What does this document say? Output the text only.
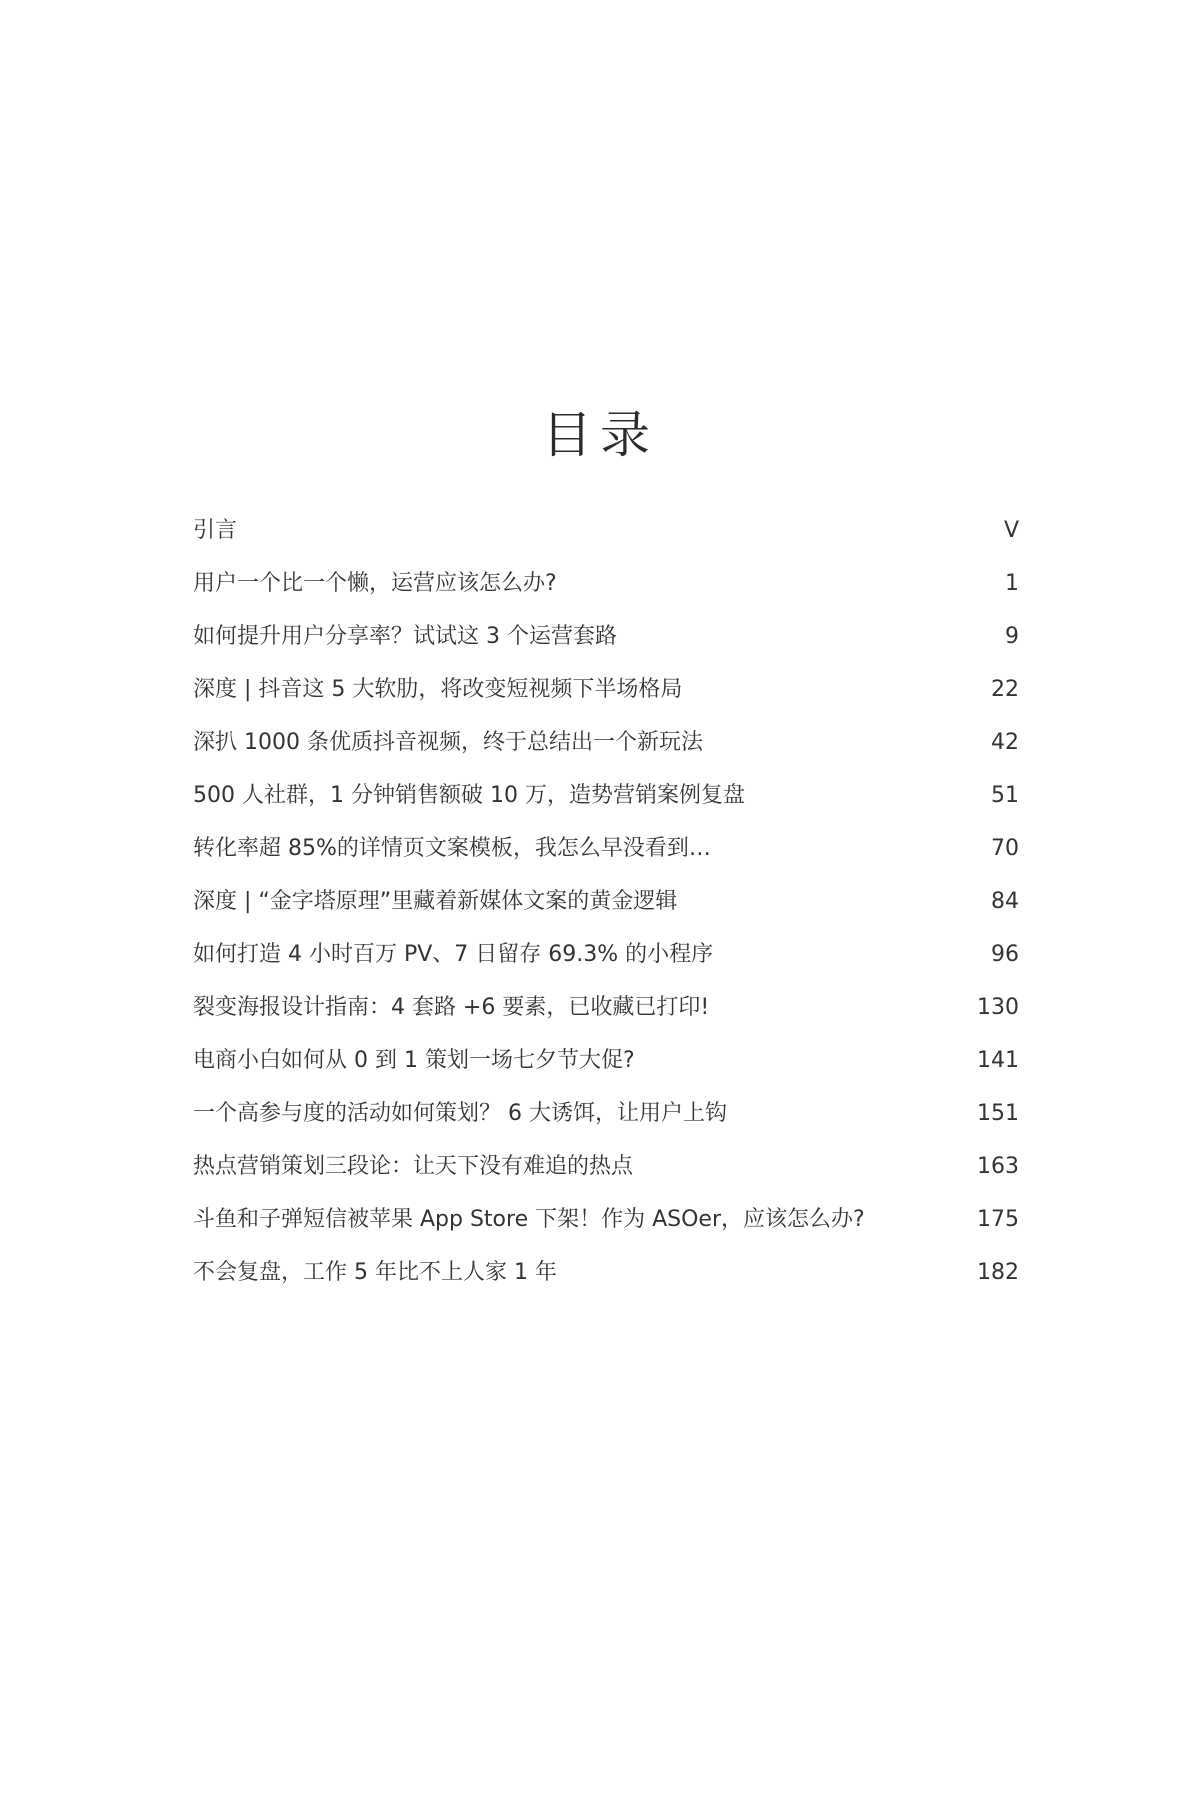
目录
引言	V
用户一个比一个懒，运营应该怎么办?	1
如何提升用户分享率？试试这 3 个运营套路	9
深度 | 抖音这 5 大软肋，将改变短视频下半场格局	22
深扒 1000 条优质抖音视频，终于总结出一个新玩法	42
500 人社群，1 分钟销售额破 10 万，造势营销案例复盘	51
转化率超 85%的详情页文案模板，我怎么早没看到…	70
深度 | “金字塔原理”里藏着新媒体文案的黄金逻辑	84
如何打造 4 小时百万 PV、7 日留存 69.3% 的小程序	96
裂变海报设计指南：4 套路 +6 要素，已收藏已打印!	130
电商小白如何从 0 到 1 策划一场七夕节大促?	141
一个高参与度的活动如何策划？ 6 大诱饵，让用户上钩	151
热点营销策划三段论：让天下没有难追的热点	163
斗鱼和子弹短信被苹果 App Store 下架！作为 ASOer，应该怎么办?	175
不会复盘，工作 5 年比不上人家 1 年	182
